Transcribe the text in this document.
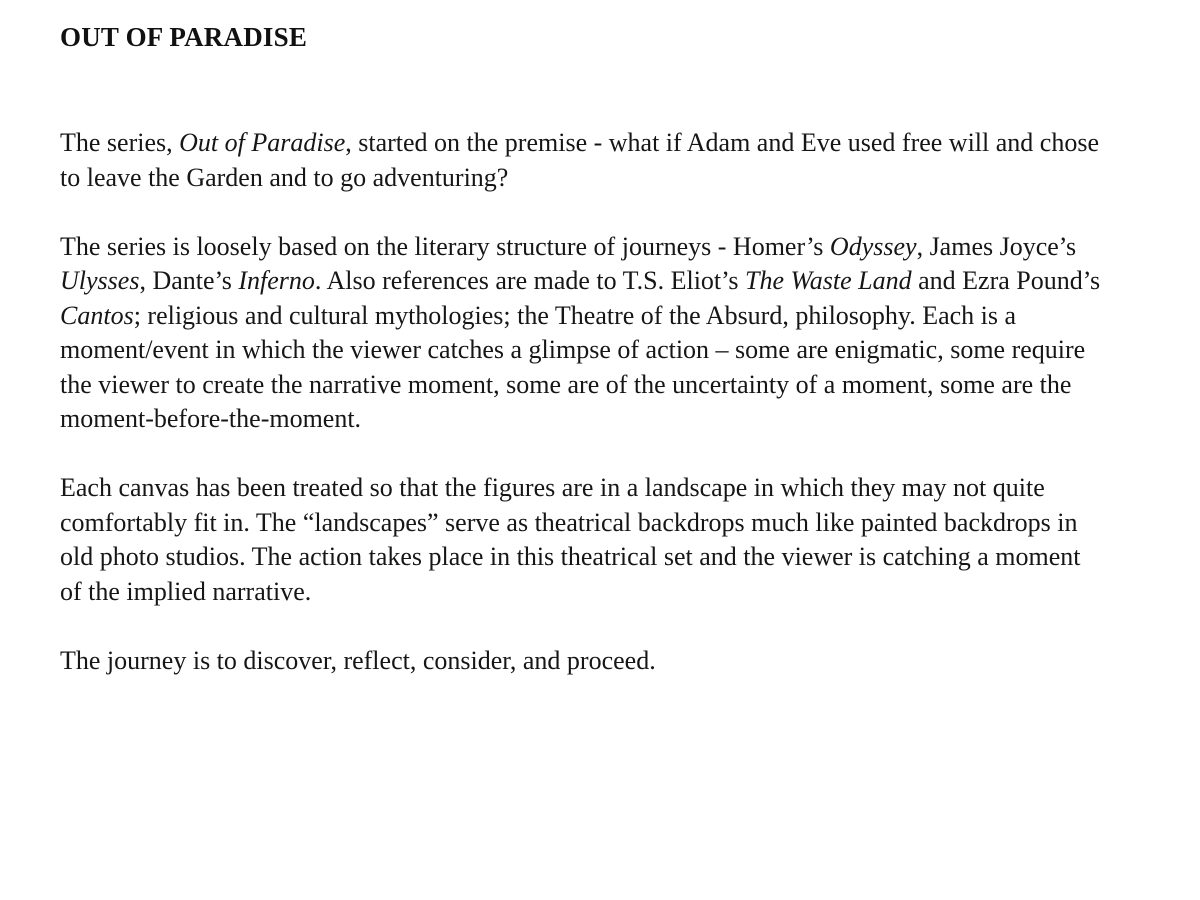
OUT OF PARADISE

The series, Out of Paradise, started on the premise - what if Adam and Eve used free will and chose to leave the Garden and to go adventuring?

The series is loosely based on the literary structure of journeys - Homer’s Odyssey, James Joyce’s Ulysses, Dante’s Inferno. Also references are made to T.S. Eliot’s The Waste Land and Ezra Pound’s Cantos; religious and cultural mythologies; the Theatre of the Absurd, philosophy. Each is a moment/event in which the viewer catches a glimpse of action – some are enigmatic, some require the viewer to create the narrative moment, some are of the uncertainty of a moment, some are the moment-before-the-moment.

Each canvas has been treated so that the figures are in a landscape in which they may not quite comfortably fit in. The “landscapes” serve as theatrical backdrops much like painted backdrops in old photo studios. The action takes place in this theatrical set and the viewer is catching a moment of the implied narrative.

The journey is to discover, reflect, consider, and proceed.
